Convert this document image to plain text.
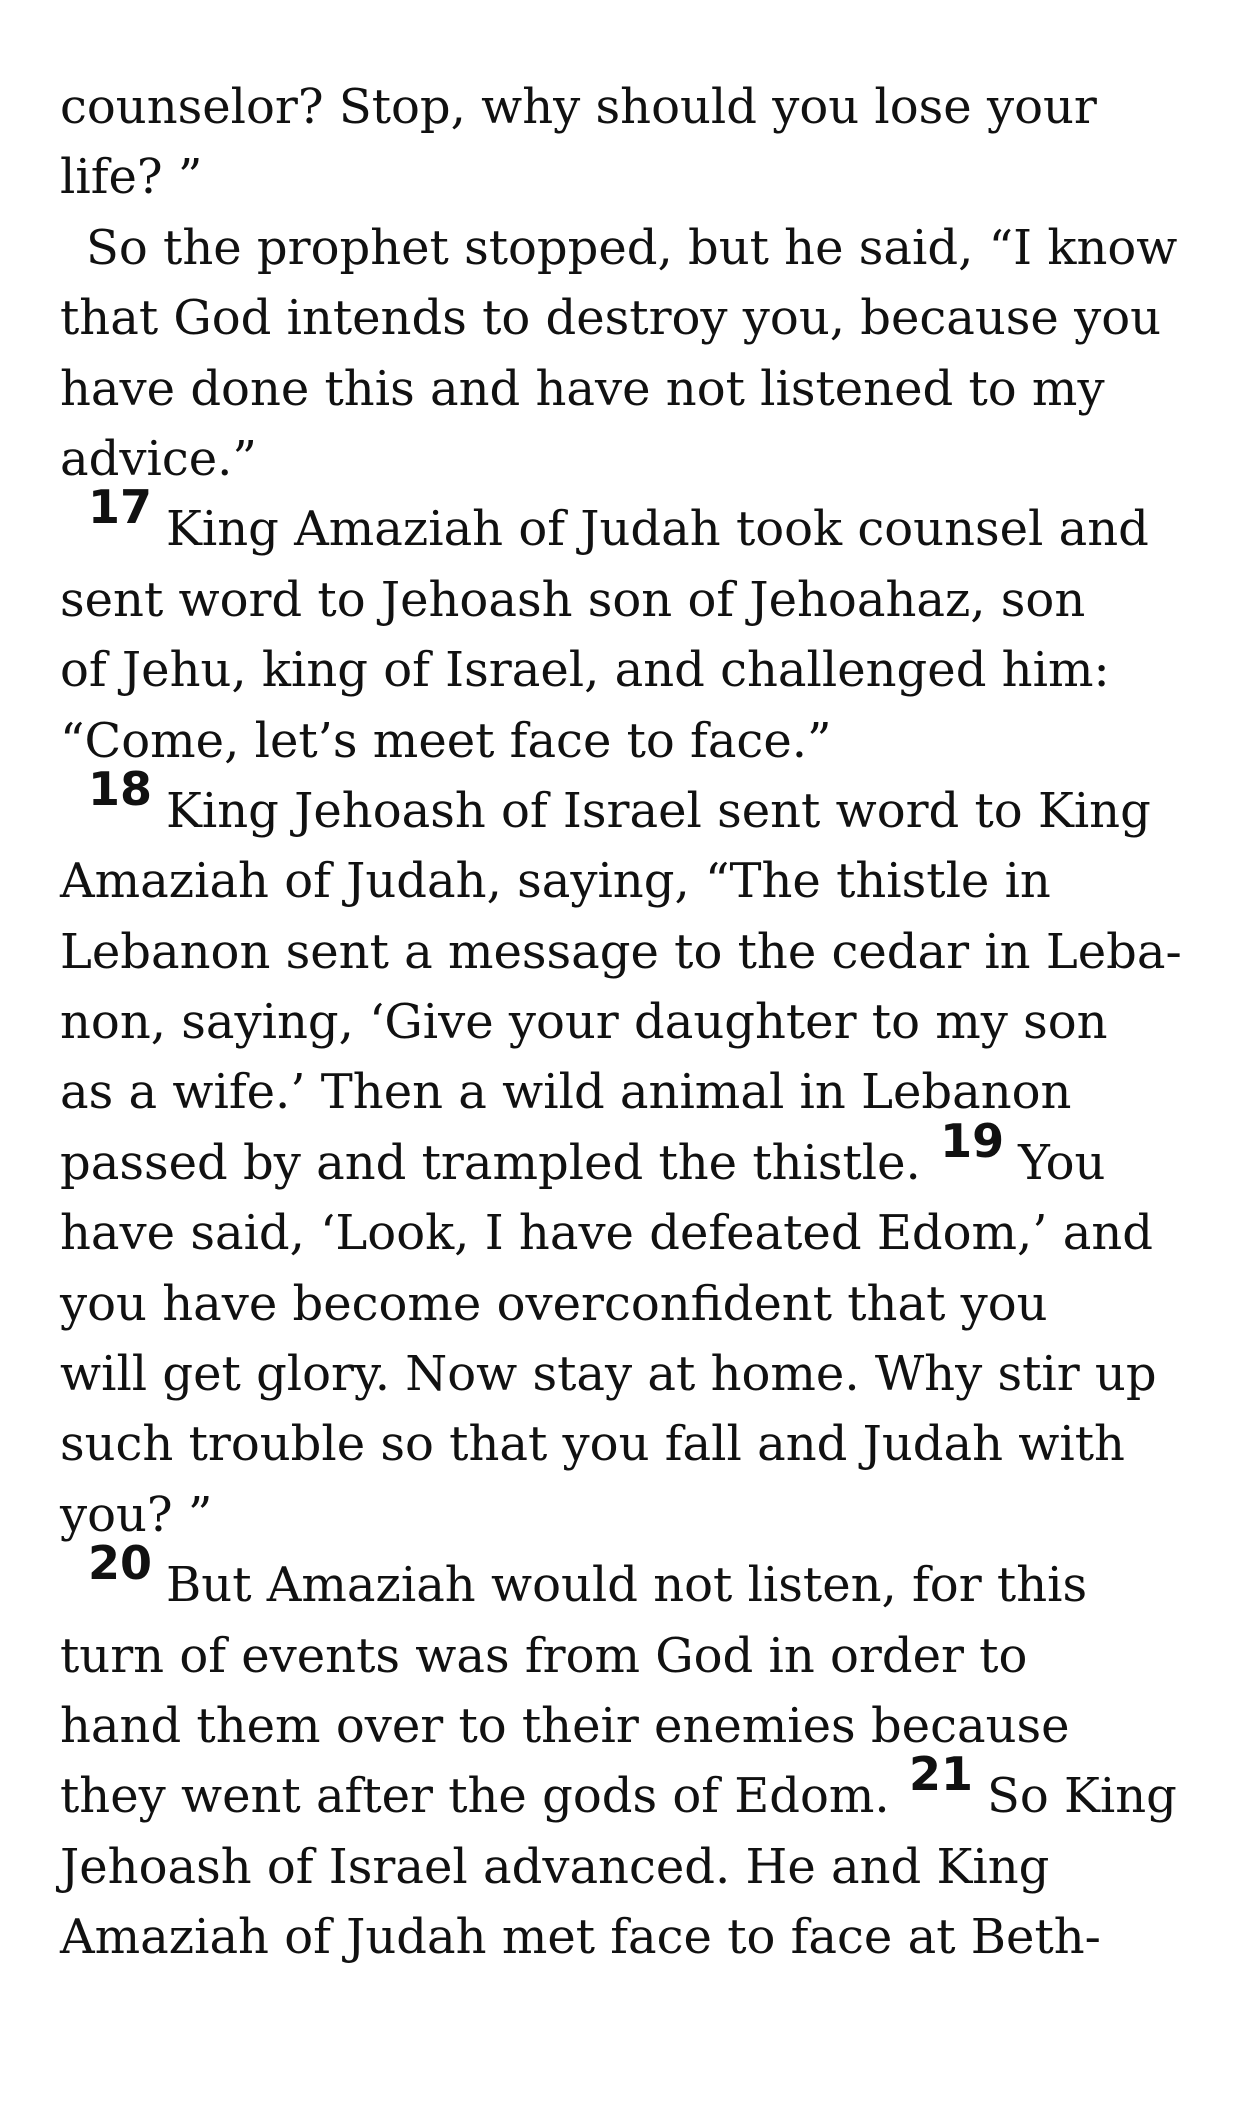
counselor? Stop, why should you lose your
life? ”
So the prophet stopped, but he said, “I know
that God intends to destroy you, because you
have done this and have not listened to my
advice.”
17 King Amaziah of Judah took counsel and
sent word to Jehoash son of Jehoahaz, son
of Jehu, king of Israel, and challenged him:
“Come, let’s meet face to face.”
18 King Jehoash of Israel sent word to King
Amaziah of Judah, saying, “The thistle in
Lebanon sent a message to the cedar in Leba-
non, saying, ‘Give your daughter to my son
as a wife.’ Then a wild animal in Lebanon
passed by and trampled the thistle. 19 You
have said, ‘Look, I have defeated Edom,’ and
you have become overconfident that you
will get glory. Now stay at home. Why stir up
such trouble so that you fall and Judah with
you? ”
20 But Amaziah would not listen, for this
turn of events was from God in order to
hand them over to their enemies because
they went after the gods of Edom. 21 So King
Jehoash of Israel advanced. He and King
Amaziah of Judah met face to face at Beth-
